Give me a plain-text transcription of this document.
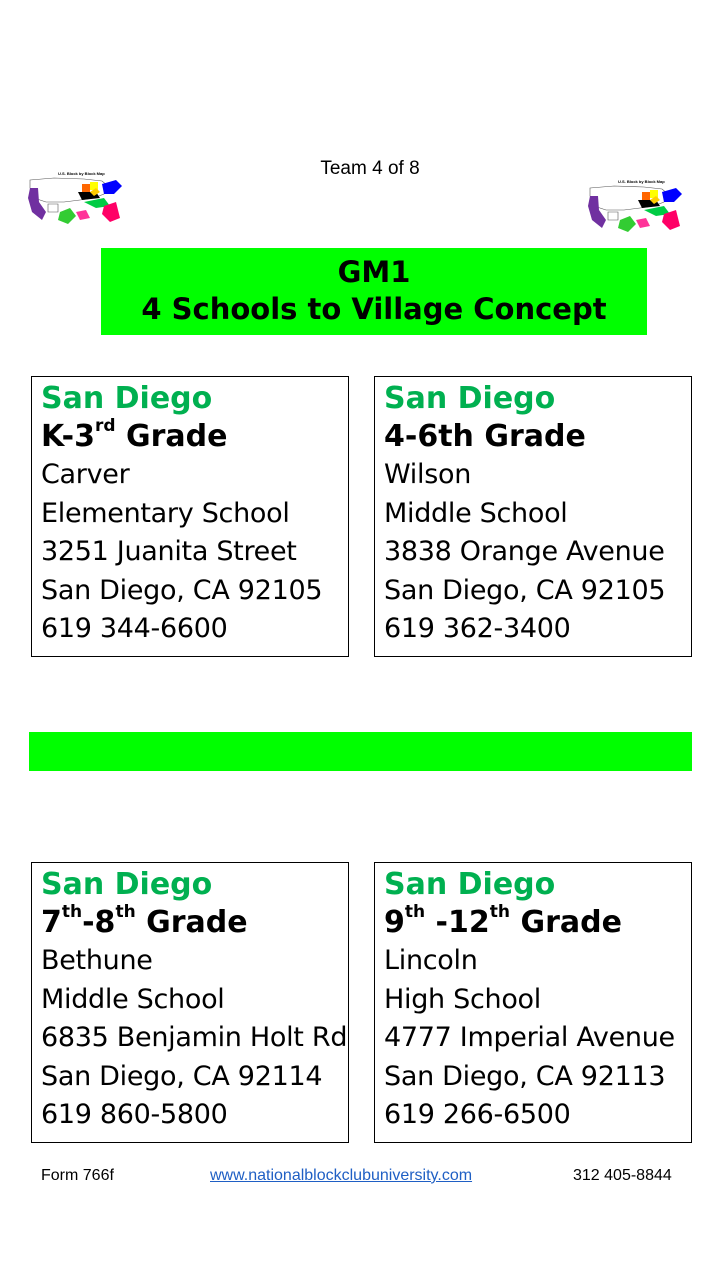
Team 4 of 8
U.S. Block by Block Map
U.S. Block by Block Map
GM1
4 Schools to Village Concept
San Diego
K-3rd Grade
Carver
Elementary School
3251 Juanita Street
San Diego, CA 92105
619 344-6600
San Diego
4-6th Grade
Wilson
Middle School
3838 Orange Avenue
San Diego, CA 92105
619 362-3400
San Diego
7th-8th Grade
Bethune
Middle School
6835 Benjamin Holt Rd
San Diego, CA 92114
619 860-5800
San Diego
9th -12th Grade
Lincoln
High School
4777 Imperial Avenue
San Diego, CA 92113
619 266-6500
Form 766f	www.nationalblockclubuniversity.com	312 405-8844
